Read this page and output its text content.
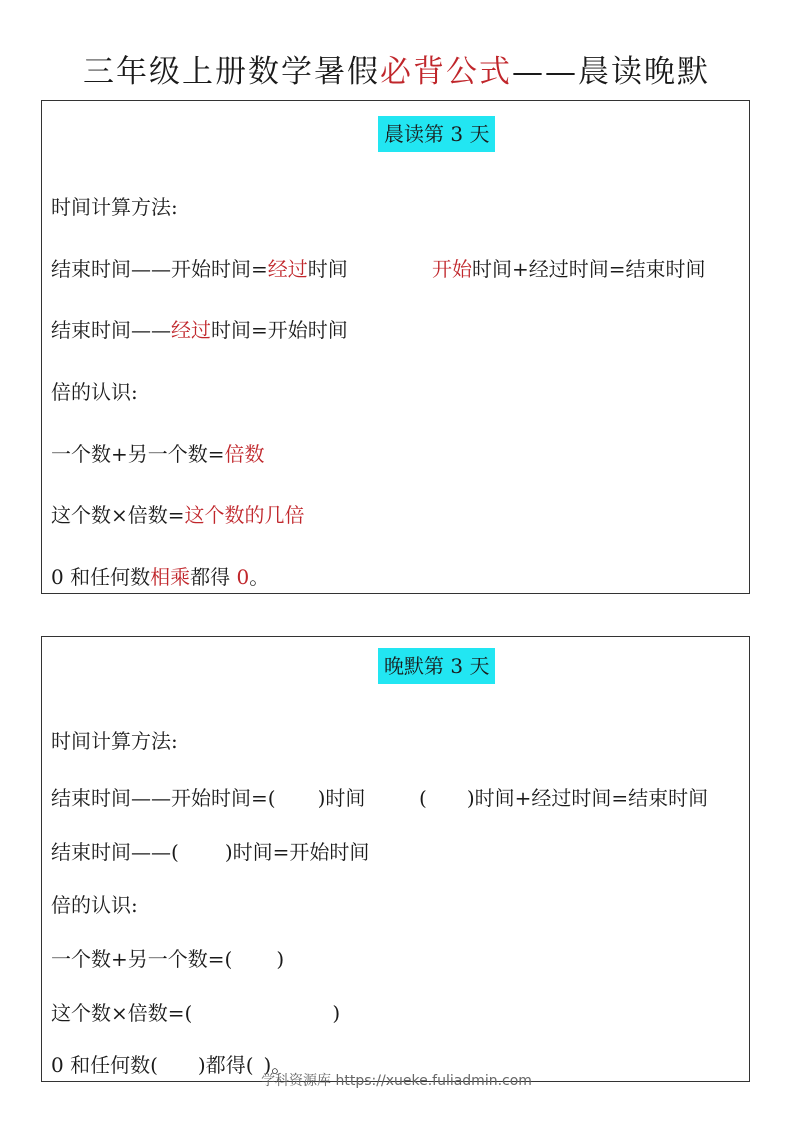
三年级上册数学暑假必背公式——晨读晚默
晨读第 3 天
时间计算方法:
结束时间——开始时间=经过时间	开始时间+经过时间=结束时间
结束时间——经过时间=开始时间
倍的认识:
一个数+另一个数=倍数
这个数×倍数=这个数的几倍
0 和任何数相乘都得 0。
晚默第 3 天
时间计算方法:
结束时间——开始时间=( )时间	( )时间+经过时间=结束时间
结束时间——( )时间=开始时间
倍的认识:
一个数+另一个数=( )
这个数×倍数=(	)
0 和任何数( )都得( )。
学科资源库 https://xueke.fuliadmin.com
